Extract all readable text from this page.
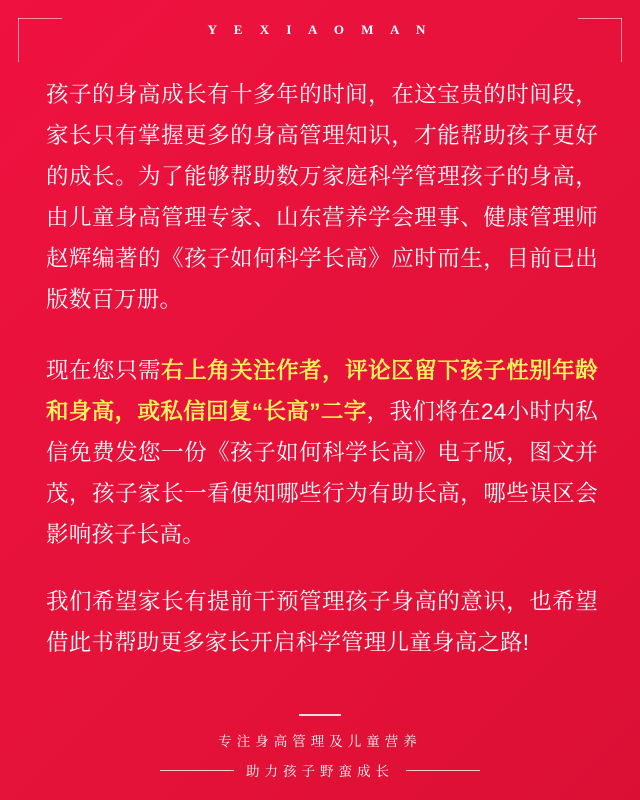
Y E X I A O M A N

孩子的身高成长有十多年的时间，在这宝贵的时间段，家长只有掌握更多的身高管理知识，才能帮助孩子更好的成长。为了能够帮助数万家庭科学管理孩子的身高，由儿童身高管理专家、山东营养学会理事、健康管理师赵辉编著的《孩子如何科学长高》应时而生，目前已出版数百万册。

现在您只需右上角关注作者，评论区留下孩子性别年龄和身高，或私信回复“长高”二字，我们将在24小时内私信免费发您一份《孩子如何科学长高》电子版，图文并茂，孩子家长一看便知哪些行为有助长高，哪些误区会影响孩子长高。

我们希望家长有提前干预管理孩子身高的意识，也希望借此书帮助更多家长开启科学管理儿童身高之路!

专注身高管理及儿童营养
助力孩子野蛮成长
